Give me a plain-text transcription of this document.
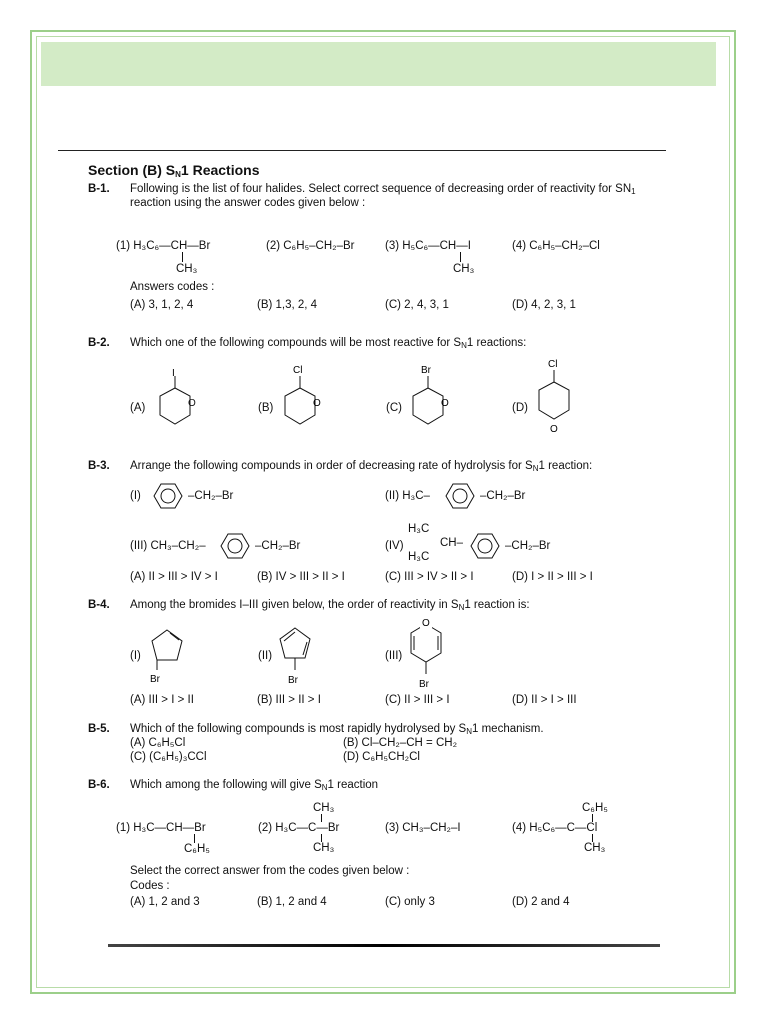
Section (B) $S_N1$ Reactions
B-1. Following is the list of four halides. Select correct sequence of decreasing order of reactivity for $SN_1$
reaction using the answer codes given below :
(1) H₃C₆—CH—Br
CH₃
(2) C₆H₅–CH₂–Br	(3) H₅C₆—CH—I
CH₃
(4) C₆H₅–CH₂–Cl
Answers codes :
(A) 3, 1, 2, 4	(B) 1,3, 2, 4	(C) 2, 4, 3, 1	(D) 4, 2, 3, 1
B-2. Which one of the following compounds will be most reactive for $S_N1$ reactions:
(A)
I
O	(B)
Cl
O	(C)
Br
O	(D)
Cl
O
B-3. Arrange the following compounds in order of decreasing rate of hydrolysis for $S_N1$ reaction:
(I)	–CH₂–Br	(II) H₃C–	–CH₂–Br
(III) CH₃–CH₂–	–CH₂–Br	(IV)
H₃C
CH–
H₃C
–CH₂–Br
(A) II > III > IV > I	(B) IV > III > II > I	(C) III > IV > II > I	(D) I > II > III > I
B-4. Among the bromides I–III given below, the order of reactivity in $S_N1$ reaction is:
(I)
Br
(II)
Br
(III)
O
Br
(A) III > I > II	(B) III > II > I	(C) II > III > I	(D) II > I > III
B-5. Which of the following compounds is most rapidly hydrolysed by $S_N1$ mechanism.
(A) C₆H₅Cl	(B) Cl–CH₂–CH = CH₂
(C) (C₆H₅)₃CCl	(D) C₆H₅CH₂Cl
B-6. Which among the following will give $S_N1$ reaction
(1) H₃C—CH—Br
C₆H₅
CH₃
(2) H₃C—C—Br
CH₃
(3) CH₃–CH₂–I
C₆H₅
(4) H₅C₆—C—Cl
CH₃
Select the correct answer from the codes given below :
Codes :
(A) 1, 2 and 3	(B) 1, 2 and 4	(C) only 3	(D) 2 and 4
